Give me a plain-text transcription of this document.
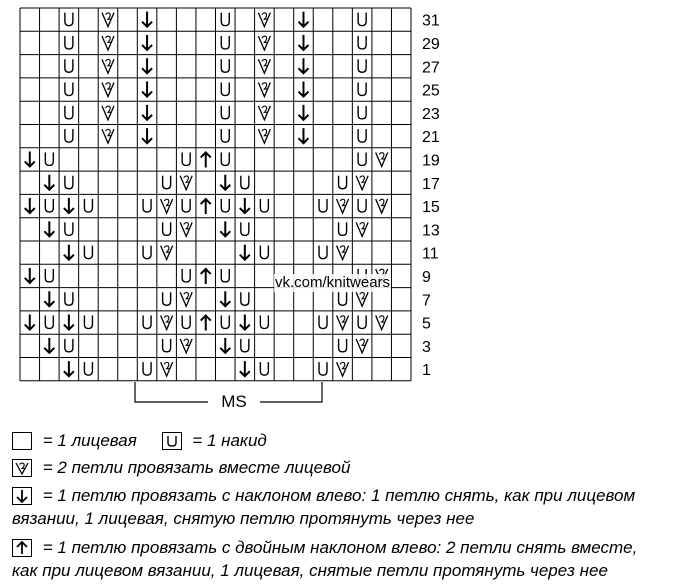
31
29
27
25
23
21
19
17
15
13
11
9
7
5
3
1
MS
vk.com/knitwears
= 1 лицевая	= 1 накид
= 2 петли провязать вместе лицевой
= 1 петлю провязать с наклоном влево: 1 петлю снять, как при лицевом
вязании, 1 лицевая, снятую петлю протянуть через нее
= 1 петлю провязать с двойным наклоном влево: 2 петли снять вместе,
как при лицевом вязании, 1 лицевая, снятые петли протянуть через нее
